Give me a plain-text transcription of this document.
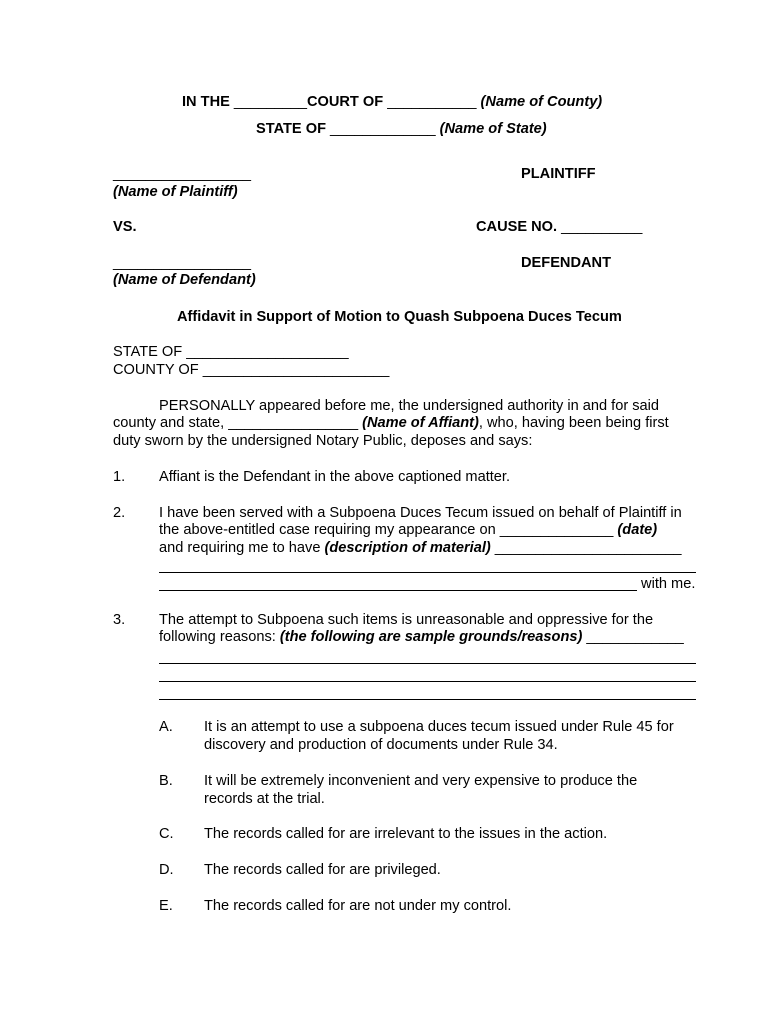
IN THE _________COURT OF ___________ (Name of County)
STATE OF _____________ (Name of State)
_________________
(Name of Plaintiff)
PLAINTIFF
VS.	CAUSE NO. __________
_________________
(Name of Defendant)
DEFENDANT
Affidavit in Support of Motion to Quash Subpoena Duces Tecum
STATE OF ____________________
COUNTY OF _______________________
PERSONALLY appeared before me, the undersigned authority in and for said
county and state, ________________ (Name of Affiant), who, having been being first
duty sworn by the undersigned Notary Public, deposes and says:
1. Affiant is the Defendant in the above captioned matter.
2. I have been served with a Subpoena Duces Tecum issued on behalf of Plaintiff in
the above-entitled case requiring my appearance on ______________ (date)
and requiring me to have (description of material) _______________________
with me.
3. The attempt to Subpoena such items is unreasonable and oppressive for the
following reasons: (the following are sample grounds/reasons) ____________
A. It is an attempt to use a subpoena duces tecum issued under Rule 45 for
discovery and production of documents under Rule 34.
B. It will be extremely inconvenient and very expensive to produce the
records at the trial.
C. The records called for are irrelevant to the issues in the action.
D. The records called for are privileged.
E. The records called for are not under my control.
